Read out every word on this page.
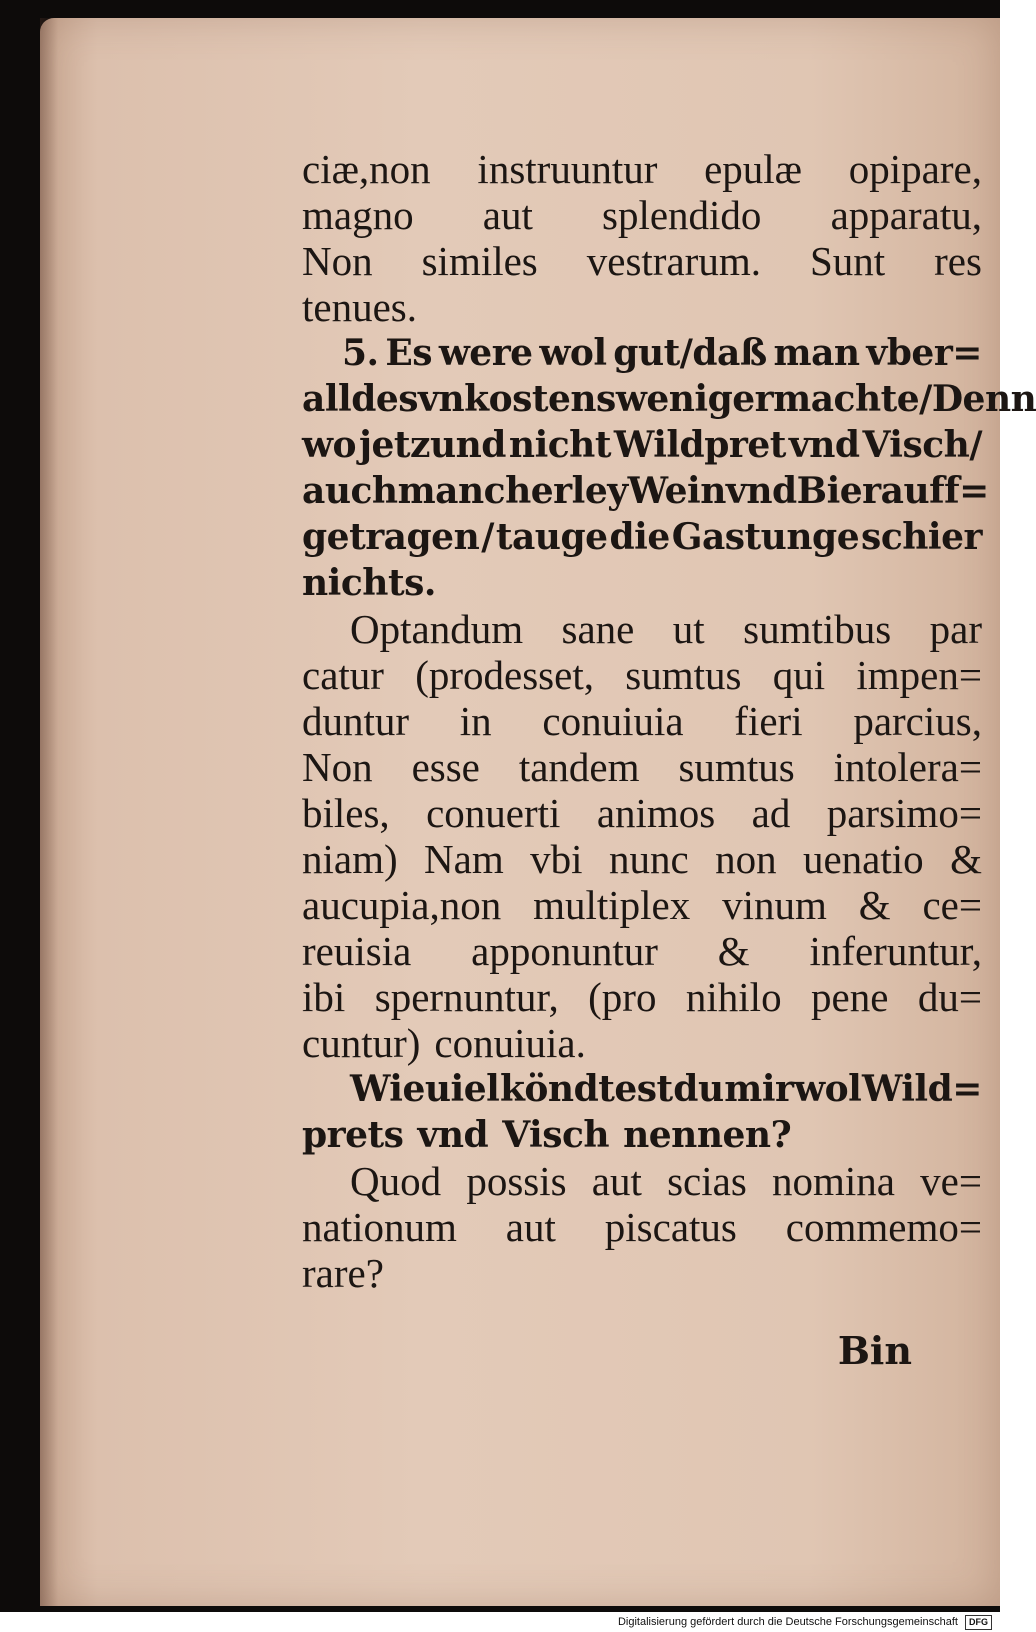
ciæ,non instruuntur epulæ opipare,
magno aut splendido apparatu,
Non similes vestrarum. Sunt res
tenues.
5. Es were wol gut/daß man vber=
all des vnkostens weniger machte/Denn
wo jetzund nicht Wildpret vnd Visch/
auch mancherley Wein vnd Bier auff=
getragen / tauge die Gastunge schier
nichts.
Optandum sane ut sumtibus par
catur (prodesset, sumtus qui impen=
duntur in conuiuia fieri parcius,
Non esse tandem sumtus intolera=
biles, conuerti animos ad parsimo=
niam) Nam vbi nunc non uenatio &
aucupia,non multiplex vinum & ce=
reuisia apponuntur & inferuntur,
ibi spernuntur, (pro nihilo pene du=
cuntur) conuiuia.
Wieuiel köndtest du mir wol Wild=
prets vnd Visch nennen?
Quod possis aut scias nomina ve=
nationum aut piscatus commemo=
rare?
Bin
Digitalisierung gefördert durch die Deutsche Forschungsgemeinschaft DFG
